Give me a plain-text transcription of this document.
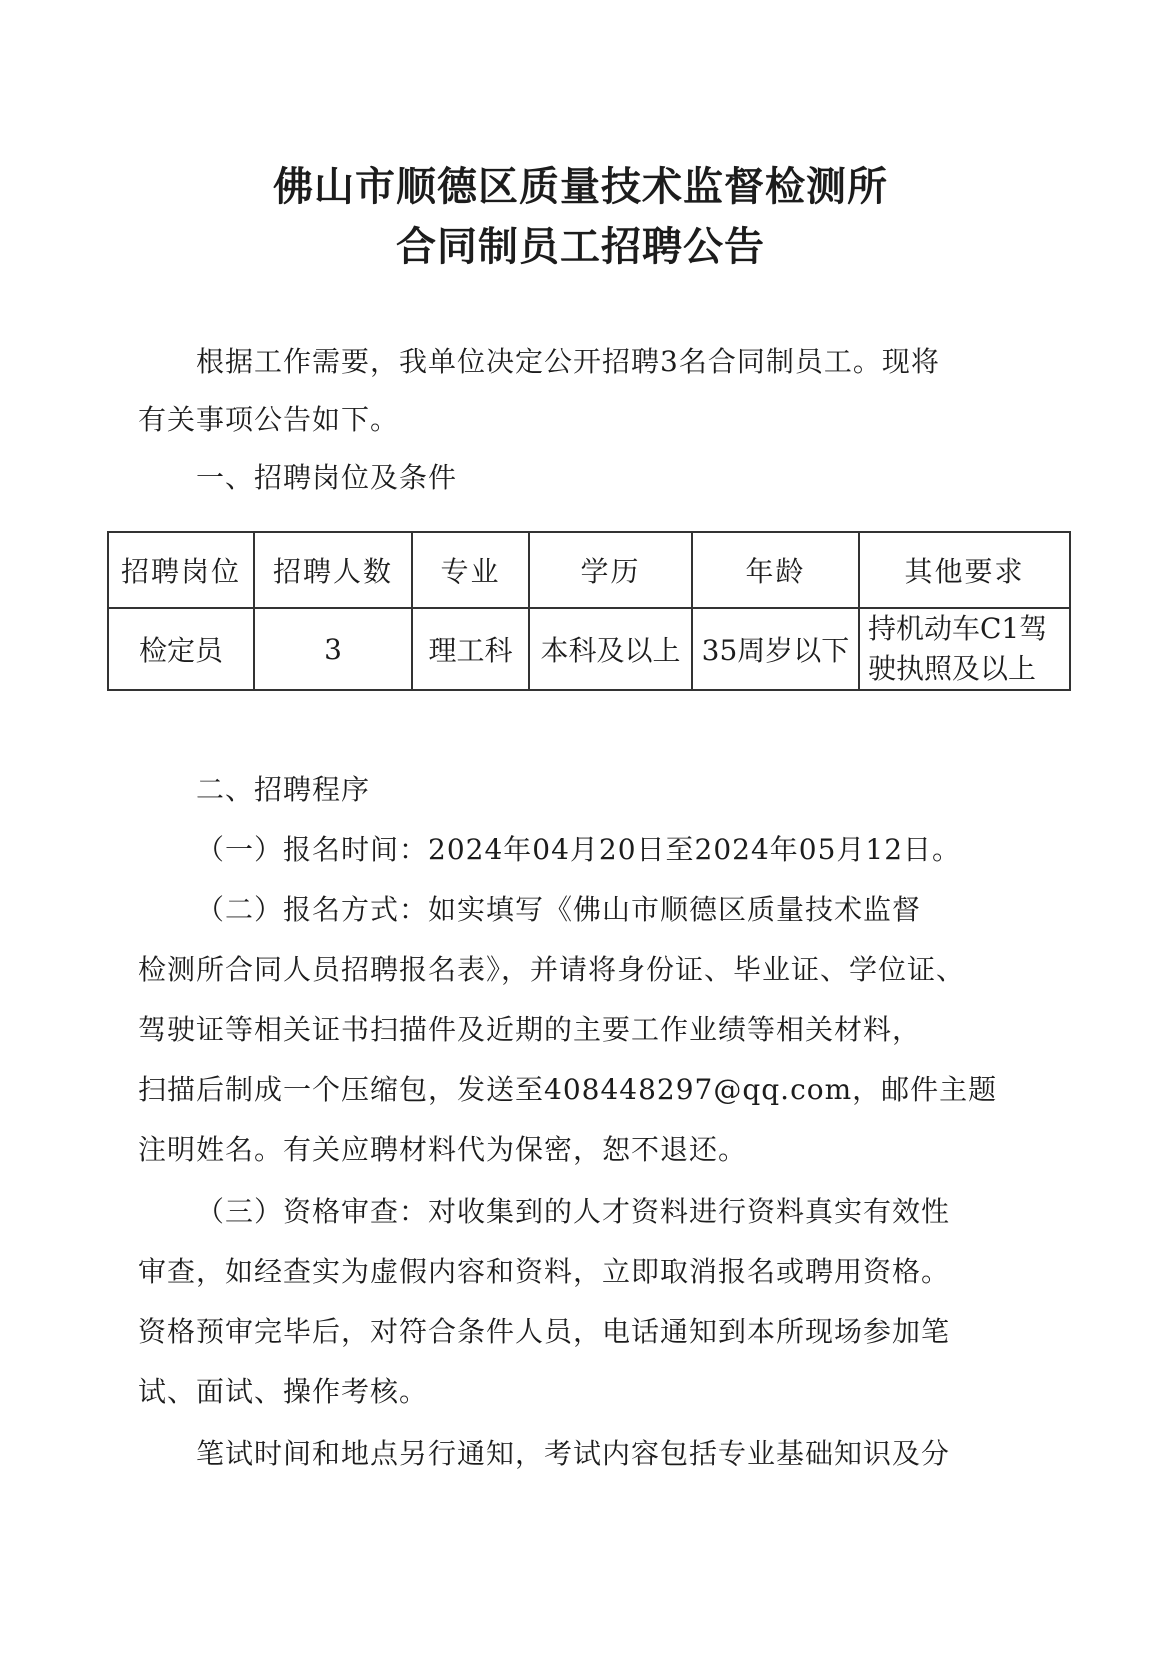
佛山市顺德区质量技术监督检测所
合同制员工招聘公告
根据工作需要，我单位决定公开招聘3名合同制员工。现将
有关事项公告如下。
一、招聘岗位及条件
招聘岗位	招聘人数	专业	学历	年龄	其他要求
检定员	3	理工科	本科及以上	35周岁以下	持机动车C1驾
驶执照及以上
二、招聘程序
（一）报名时间：2024年04月20日至2024年05月12日。
（二）报名方式：如实填写《佛山市顺德区质量技术监督
检测所合同人员招聘报名表》，并请将身份证、毕业证、学位证、
驾驶证等相关证书扫描件及近期的主要工作业绩等相关材料，
扫描后制成一个压缩包，发送至408448297@qq.com，邮件主题
注明姓名。有关应聘材料代为保密，恕不退还。
（三）资格审查：对收集到的人才资料进行资料真实有效性
审查，如经查实为虚假内容和资料，立即取消报名或聘用资格。
资格预审完毕后，对符合条件人员，电话通知到本所现场参加笔
试、面试、操作考核。
笔试时间和地点另行通知，考试内容包括专业基础知识及分
